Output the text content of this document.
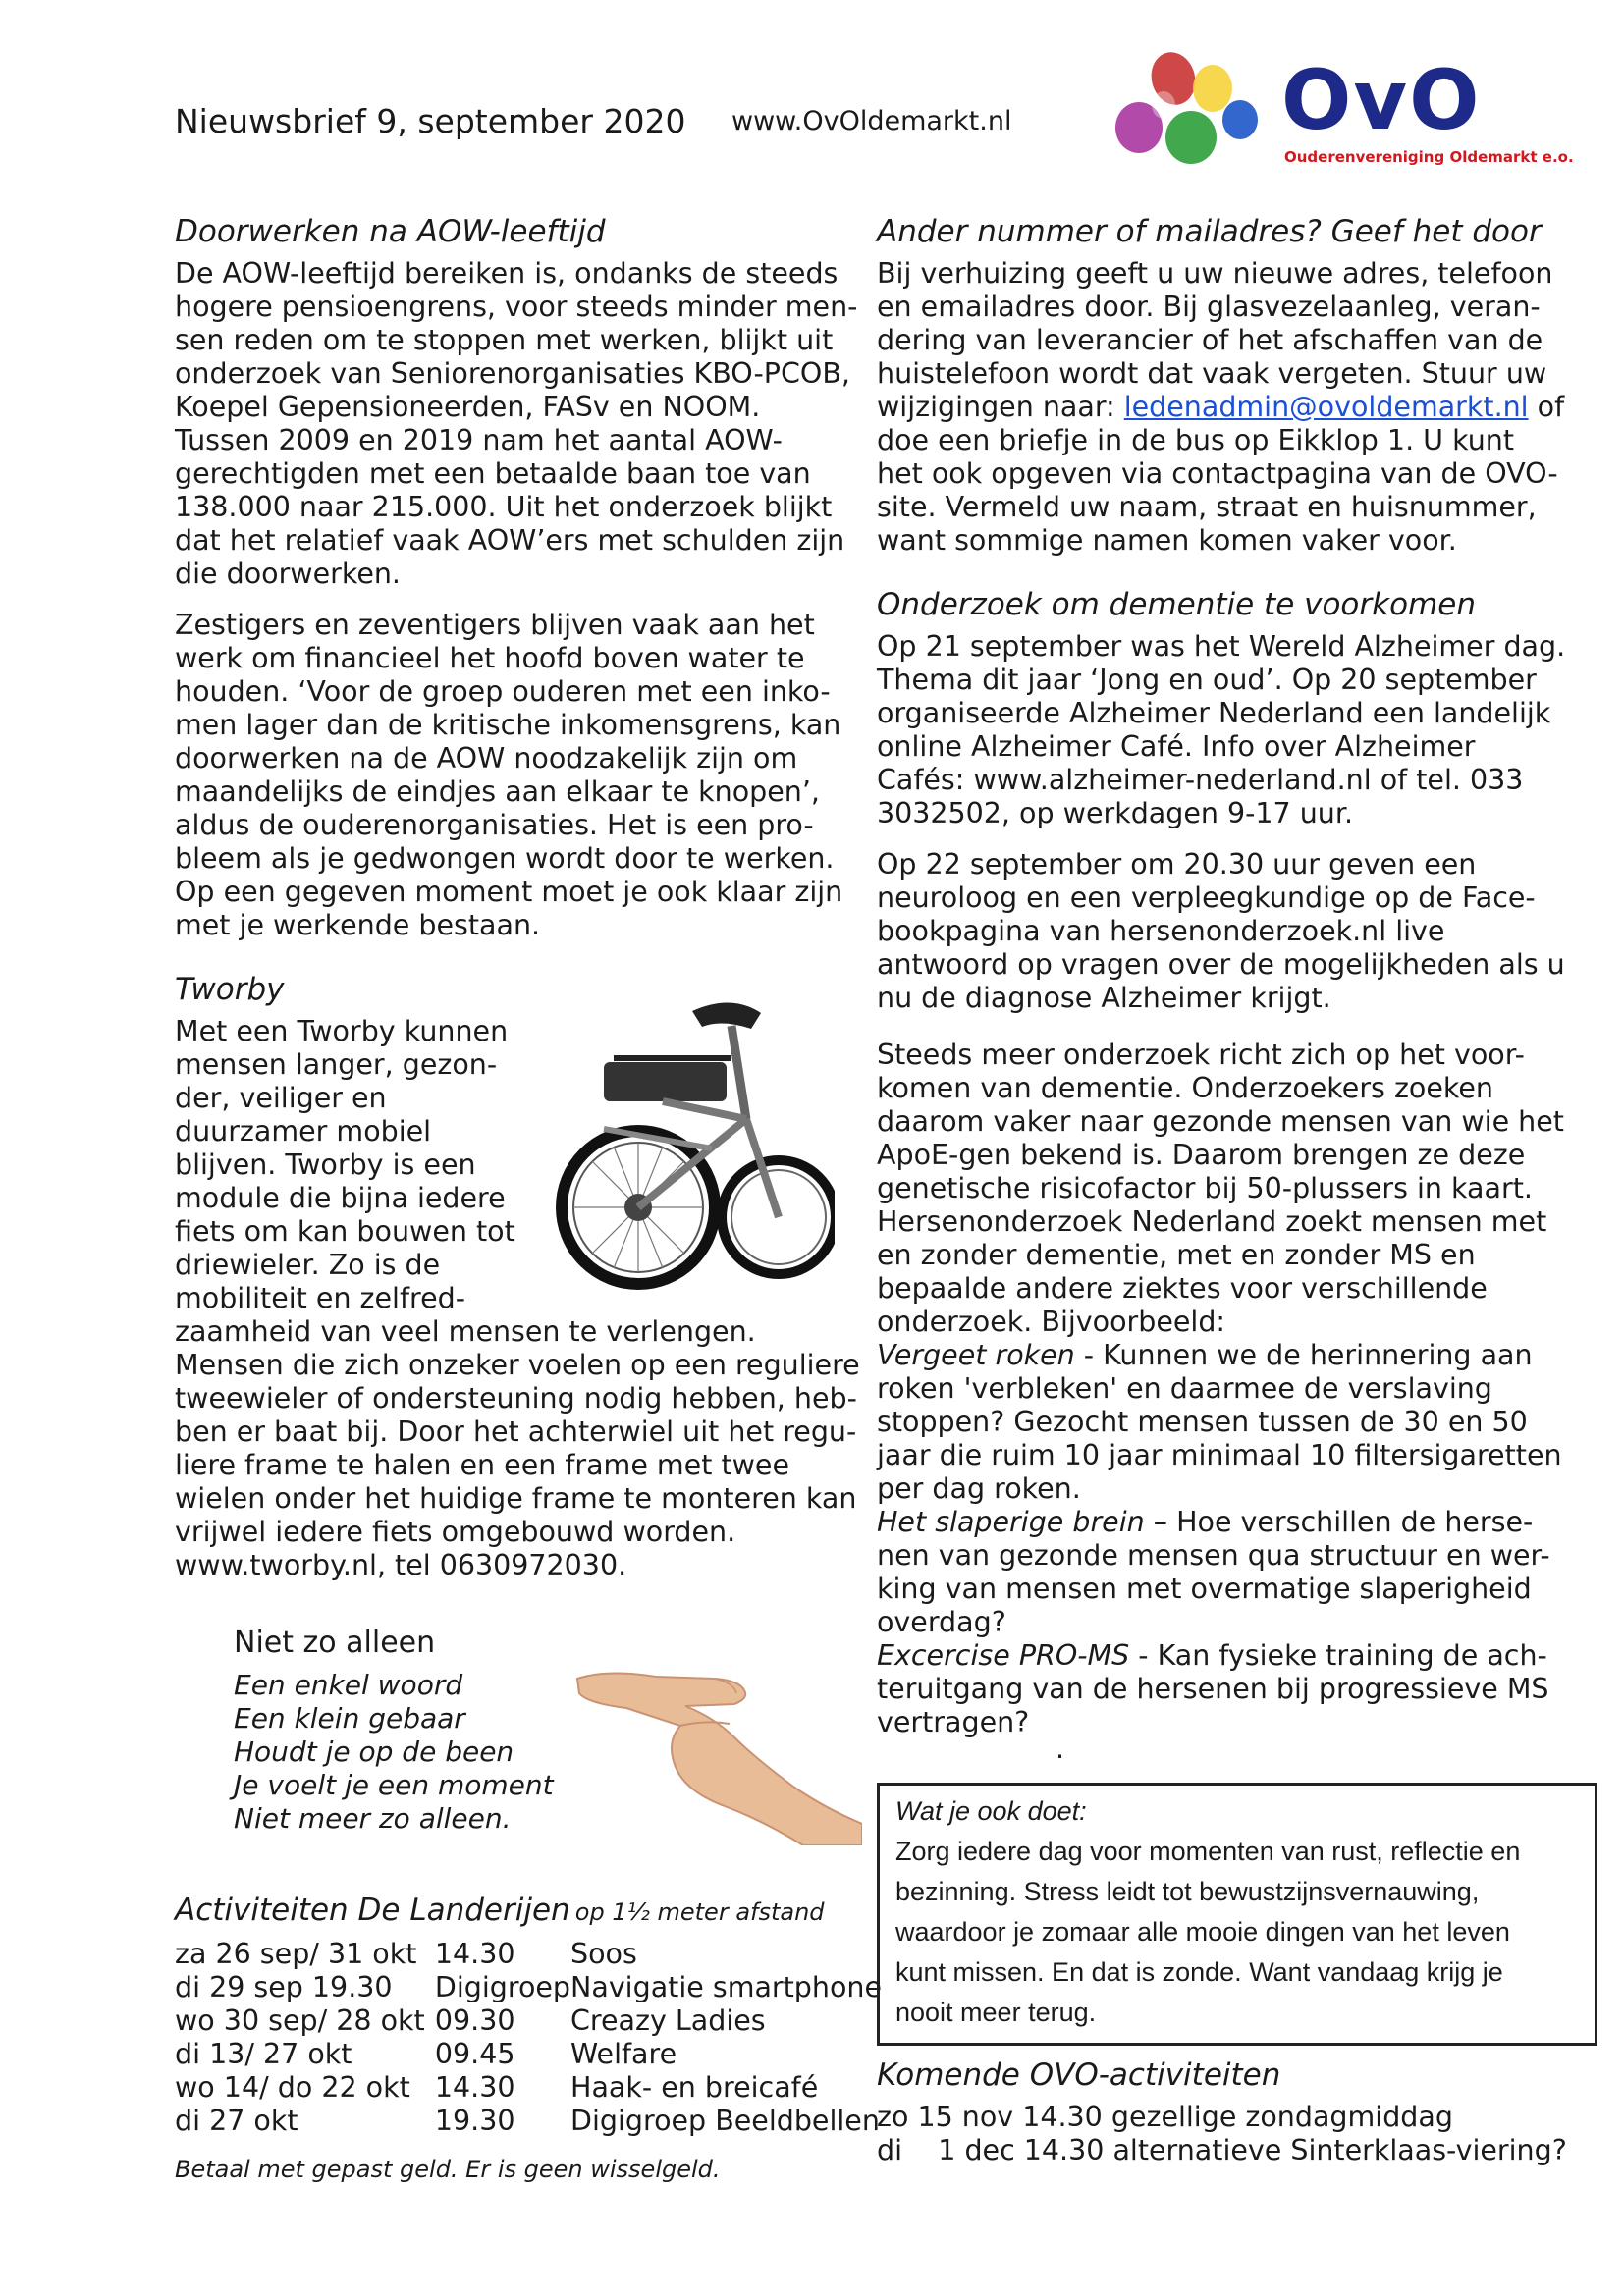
Nieuwsbrief 9, september 2020 www.OvOldemarkt.nl	OvO
Ouderenvereniging Oldemarkt e.o.
Doorwerken na AOW-leeftijd

De AOW-leeftijd bereiken is, ondanks de steeds
hogere pensioengrens, voor steeds minder men-
sen reden om te stoppen met werken, blijkt uit
onderzoek van Seniorenorganisaties KBO-PCOB,
Koepel Gepensioneerden, FASv en NOOM.
Tussen 2009 en 2019 nam het aantal AOW-
gerechtigden met een betaalde baan toe van
138.000 naar 215.000. Uit het onderzoek blijkt
dat het relatief vaak AOW’ers met schulden zijn
die doorwerken.

Zestigers en zeventigers blijven vaak aan het
werk om financieel het hoofd boven water te
houden. ‘Voor de groep ouderen met een inko-
men lager dan de kritische inkomensgrens, kan
doorwerken na de AOW noodzakelijk zijn om
maandelijks de eindjes aan elkaar te knopen’,
aldus de ouderenorganisaties. Het is een pro-
bleem als je gedwongen wordt door te werken.
Op een gegeven moment moet je ook klaar zijn
met je werkende bestaan.

Tworby
Met een Tworby kunnen
mensen langer, gezon-
der, veiliger en
duurzamer mobiel
blijven. Tworby is een
module die bijna iedere
fiets om kan bouwen tot
driewieler. Zo is de
mobiliteit en zelfred-
zaamheid van veel mensen te verlengen.
Mensen die zich onzeker voelen op een reguliere
tweewieler of ondersteuning nodig hebben, heb-
ben er baat bij. Door het achterwiel uit het regu-
liere frame te halen en een frame met twee
wielen onder het huidige frame te monteren kan
vrijwel iedere fiets omgebouwd worden.
www.tworby.nl, tel 0630972030.
Niet zo alleen
Een enkel woord
Een klein gebaar
Houdt je op de been
Je voelt je een moment
Niet meer zo alleen.
Activiteiten De Landerijen op 1½ meter afstand
za 26 sep/ 31 okt	14.30	Soos
di 29 sep 19.30	Digigroep	Navigatie smartphone
wo 30 sep/ 28 okt	09.30	Creazy Ladies
di 13/ 27 okt	09.45	Welfare
wo 14/ do 22 okt	14.30	Haak- en breicafé
di 27 okt	19.30	Digigroep Beeldbellen
Betaal met gepast geld. Er is geen wisselgeld.
Ander nummer of mailadres? Geef het door

Bij verhuizing geeft u uw nieuwe adres, telefoon
en emailadres door. Bij glasvezelaanleg, veran-
dering van leverancier of het afschaffen van de
huistelefoon wordt dat vaak vergeten. Stuur uw
wijzigingen naar: ledenadmin@ovoldemarkt.nl of
doe een briefje in de bus op Eikklop 1. U kunt
het ook opgeven via contactpagina van de OVO-
site. Vermeld uw naam, straat en huisnummer,
want sommige namen komen vaker voor.

Onderzoek om dementie te voorkomen

Op 21 september was het Wereld Alzheimer dag.
Thema dit jaar ‘Jong en oud’. Op 20 september
organiseerde Alzheimer Nederland een landelijk
online Alzheimer Café. Info over Alzheimer
Cafés: www.alzheimer-nederland.nl of tel. 033
3032502, op werkdagen 9-17 uur.

Op 22 september om 20.30 uur geven een
neuroloog en een verpleegkundige op de Face-
bookpagina van hersenonderzoek.nl live
antwoord op vragen over de mogelijkheden als u
nu de diagnose Alzheimer krijgt.

Steeds meer onderzoek richt zich op het voor-
komen van dementie. Onderzoekers zoeken
daarom vaker naar gezonde mensen van wie het
ApoE-gen bekend is. Daarom brengen ze deze
genetische risicofactor bij 50-plussers in kaart.
Hersenonderzoek Nederland zoekt mensen met
en zonder dementie, met en zonder MS en
bepaalde andere ziektes voor verschillende
onderzoek. Bijvoorbeeld:
Vergeet roken - Kunnen we de herinnering aan
roken 'verbleken' en daarmee de verslaving
stoppen? Gezocht mensen tussen de 30 en 50
jaar die ruim 10 jaar minimaal 10 filtersigaretten
per dag roken.
Het slaperige brein – Hoe verschillen de herse-
nen van gezonde mensen qua structuur en wer-
king van mensen met overmatige slaperigheid
overdag?
Excercise PRO-MS - Kan fysieke training de ach-
teruitgang van de hersenen bij progressieve MS
vertragen?
.
Wat je ook doet:
Zorg iedere dag voor momenten van rust, reflectie en
bezinning. Stress leidt tot bewustzijnsvernauwing,
waardoor je zomaar alle mooie dingen van het leven
kunt missen. En dat is zonde. Want vandaag krijg je
nooit meer terug.
Komende OVO-activiteiten
zo 15 nov 14.30 gezellige zondagmiddag
di    1 dec 14.30 alternatieve Sinterklaas-viering?
